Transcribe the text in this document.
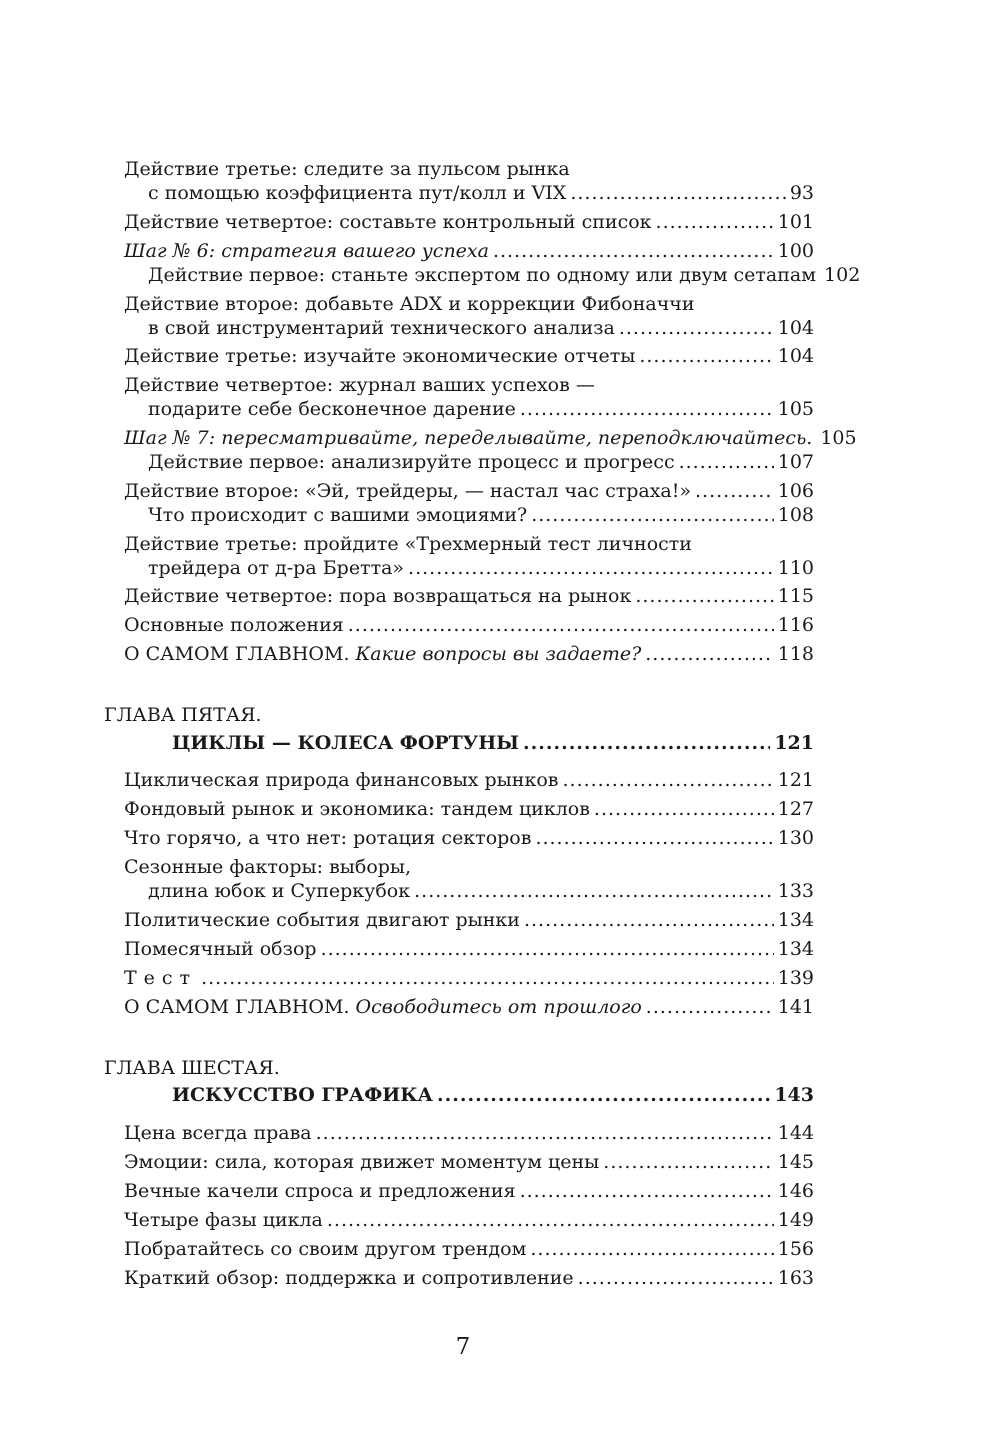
Действие третье: следите за пульсом рынка
с помощью коэффициента пут/колл и VIX .....	93
Действие четвертое: составьте контрольный список .....	101
Шаг № 6: стратегия вашего успеха .....	100
Действие первое: станьте экспертом по одному или двум сетапам 102
Действие второе: добавьте ADX и коррекции Фибоначчи
в свой инструментарий технического анализа .....	104
Действие третье: изучайте экономические отчеты .....	104
Действие четвертое: журнал ваших успехов —
подарите себе бесконечное дарение .....	105
Шаг № 7: пересматривайте, переделывайте, переподключайтесь. 105
Действие первое: анализируйте процесс и прогресс .....	107
Действие второе: «Эй, трейдеры, — настал час страха!» .....	106
Что происходит с вашими эмоциями? .....	108
Действие третье: пройдите «Трехмерный тест личности
трейдера от д-ра Бретта» .....	110
Действие четвертое: пора возвращаться на рынок .....	115
Основные положения .....	116
О САМОМ ГЛАВНОМ. Какие вопросы вы задаете? .....	118
ГЛАВА ПЯТАЯ.
ЦИКЛЫ — КОЛЕСА ФОРТУНЫ .....	121
Циклическая природа финансовых рынков .....	121
Фондовый рынок и экономика: тандем циклов .....	127
Что горячо, а что нет: ротация секторов .....	130
Сезонные факторы: выборы,
длина юбок и Суперкубок .....	133
Политические события двигают рынки .....	134
Помесячный обзор .....	134
Тест .....	139
О САМОМ ГЛАВНОМ. Освободитесь от прошлого .....	141
ГЛАВА ШЕСТАЯ.
ИСКУССТВО ГРАФИКА .....	143
Цена всегда права .....	144
Эмоции: сила, которая движет моментум цены .....	145
Вечные качели спроса и предложения .....	146
Четыре фазы цикла .....	149
Побратайтесь со своим другом трендом .....	156
Краткий обзор: поддержка и сопротивление .....	163
7
